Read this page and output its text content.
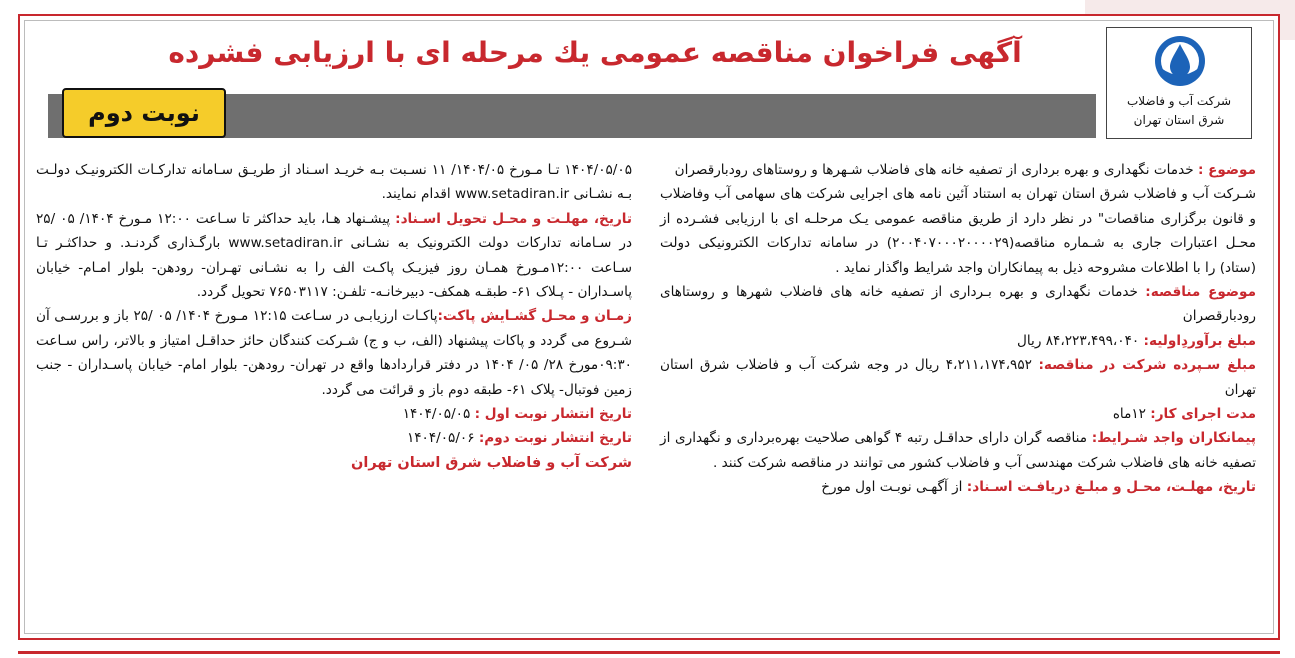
شرکت آب و فاضلاب
شرق استان تهران
آگهی فراخوان مناقصه عمومی یك مرحله ای با ارزیابی فشرده
نوبت دوم

موضوع : خدمات نگهداری و بهره برداری از تصفیه خانه های فاضلاب شـهرها و روستاهای رودبارقصران

شـرکت آب و فاضلاب شرق استان تهران به استناد آئین نامه های اجرایی شرکت های سهامی آب وفاضلاب و قانون برگزاری مناقصات" در نظر دارد از طریق مناقصه عمومی یـک مرحلـه ای با ارزیابی فشـرده از محـل اعتبارات جاری به شـماره مناقصه(۲۰۰۴۰۷۰۰۰۲۰۰۰۰۲۹) در سامانه تدارکات الکترونیکی دولت (ستاد) را با اطلاعات مشروحه ذیل به پیمانکاران واجد شرایط واگذار نماید .

موضوع مناقصه: خدمات نگهداری و بهره بـرداری از تصفیه خانه های فاضلاب شهرها و روستاهای رودبارقصران

مبلغ برآوردِاولیه: ۸۴،۲۲۳،۴۹۹،۰۴۰ ریال

مبلغ سـپرده شرکت در مناقصه: ۴،۲۱۱،۱۷۴،۹۵۲ ریال در وجه شرکت آب و فاضلاب شرق استان تهران

مدت اجرای کار: ۱۲ماه

پیمانکاران واجد شـرایط: مناقصه گران دارای حداقـل رتبه ۴ گواهی صلاحیت بهره‌برداری و نگهداری از تصفیه خانه های فاضلاب شرکت مهندسی آب و فاضلاب کشور می توانند در مناقصه شرکت کنند .

تاریخ، مهلـت، محـل و مبلـغ دریافـت اسـناد: از آگهـی نوبـت اول مورخ

۱۴۰۴/۰۵/۰۵ تـا مـورخ ۱۴۰۴/۰۵/ ۱۱ نسـبت بـه خریـد اسـناد از طریـق سـامانه تدارکـات الکترونیـک دولـت بـه نشـانی www.setadiran.ir اقدام نمایند.

تاریخ، مهلـت و محـل تحویل اسـناد: پیشـنهاد هـا، باید حداکثر تا سـاعت ۱۲:۰۰ مـورخ ۱۴۰۴/ ۰۵ /۲۵ در سـامانه تدارکات دولت الکترونیک به نشـانی www.setadiran.ir بارگـذاری گردنـد. و حداکثـر تـا سـاعت ۱۲:۰۰مـورخ همـان روز فیزیـک پاکـت الف را به نشـانی تهـران- رودهن- بلوار امـام- خیابان پاسـداران - پـلاک ۶۱- طبقـه همکف- دبیرخانـه- تلفـن: ۷۶۵۰۳۱۱۷ تحویل گردد.

زمـان و محـل گشـایش پاکت:پاکـات ارزیابـی در سـاعت ۱۲:۱۵ مـورخ ۱۴۰۴/ ۰۵ /۲۵ باز و بررسـی آن شـروع می گردد و پاکات پیشنهاد (الف، ب و ج) شـرکت کنندگان حائز حداقـل امتیاز و بالاتر، راس سـاعت ۰۹:۳۰مورخ ۲۸/ ۰۵/ ۱۴۰۴ در دفتر قراردادها واقع در تهران- رودهن- بلوار امام- خیابان پاسـداران - جنب زمین فوتبال- پلاک ۶۱- طبقه دوم باز و قرائت می گردد.

تاریخ انتشار نوبت اول : ۱۴۰۴/۰۵/۰۵

تاریخ انتشار نوبت دوم: ۱۴۰۴/۰۵/۰۶

شرکت آب و فاضلاب شرق استان تهران
